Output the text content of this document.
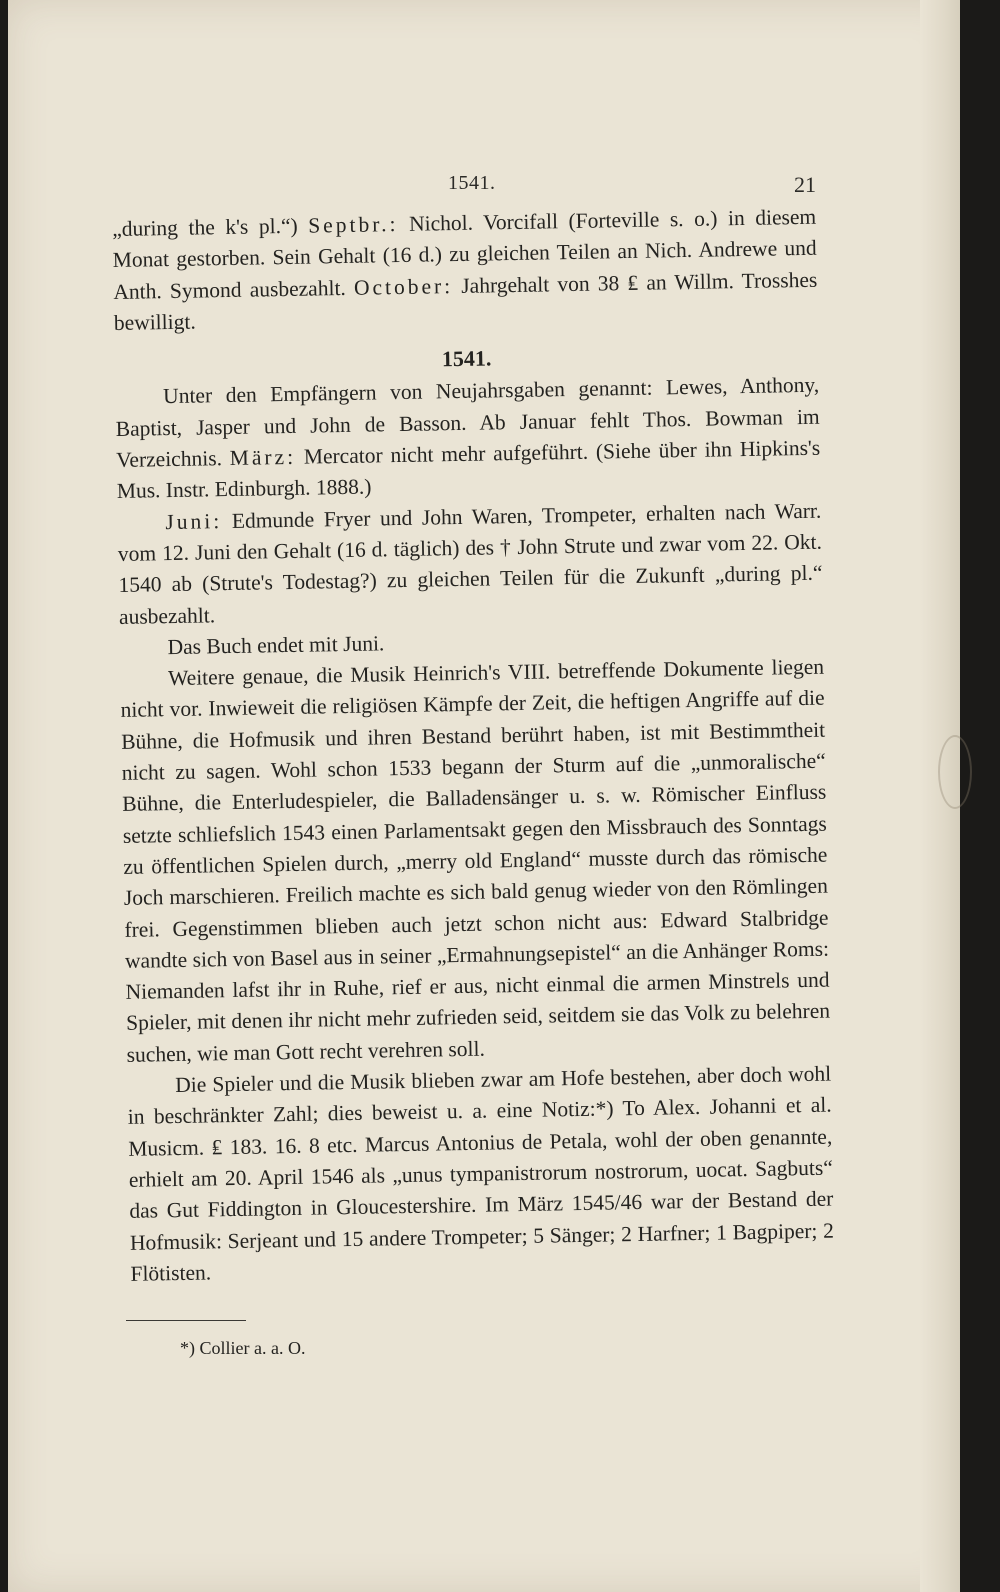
1541.	21

„during the k's pl.“) Septbr.: Nichol. Vorcifall (Forteville s. o.) in diesem Monat gestorben. Sein Gehalt (16 d.) zu gleichen Teilen an Nich. Andrewe und Anth. Symond ausbezahlt. October: Jahrgehalt von 38 ₤ an Willm. Trosshes bewilligt.

1541.

Unter den Empfängern von Neujahrsgaben genannt: Lewes, Anthony, Baptist, Jasper und John de Basson. Ab Januar fehlt Thos. Bowman im Verzeichnis. März: Mercator nicht mehr aufgeführt. (Siehe über ihn Hipkins's Mus. Instr. Edinburgh. 1888.)

Juni: Edmunde Fryer und John Waren, Trompeter, erhalten nach Warr. vom 12. Juni den Gehalt (16 d. täglich) des † John Strute und zwar vom 22. Okt. 1540 ab (Strute's Todestag?) zu gleichen Teilen für die Zukunft „during pl.“ ausbezahlt.

Das Buch endet mit Juni.

Weitere genaue, die Musik Heinrich's VIII. betreffende Dokumente liegen nicht vor. Inwieweit die religiösen Kämpfe der Zeit, die heftigen Angriffe auf die Bühne, die Hofmusik und ihren Bestand berührt haben, ist mit Bestimmtheit nicht zu sagen. Wohl schon 1533 begann der Sturm auf die „unmoralische“ Bühne, die Enterludespieler, die Balladensänger u. s. w. Römischer Einfluss setzte schliefslich 1543 einen Parlamentsakt gegen den Missbrauch des Sonntags zu öffentlichen Spielen durch, „merry old England“ musste durch das römische Joch marschieren. Freilich machte es sich bald genug wieder von den Römlingen frei. Gegenstimmen blieben auch jetzt schon nicht aus: Edward Stalbridge wandte sich von Basel aus in seiner „Ermahnungsepistel“ an die Anhänger Roms: Niemanden lafst ihr in Ruhe, rief er aus, nicht einmal die armen Minstrels und Spieler, mit denen ihr nicht mehr zufrieden seid, seitdem sie das Volk zu belehren suchen, wie man Gott recht verehren soll.

Die Spieler und die Musik blieben zwar am Hofe bestehen, aber doch wohl in beschränkter Zahl; dies beweist u. a. eine Notiz:*) To Alex. Johanni et al. Musicm. ₤ 183. 16. 8 etc. Marcus Antonius de Petala, wohl der oben genannte, erhielt am 20. April 1546 als „unus tympanistrorum nostrorum, uocat. Sagbuts“ das Gut Fiddington in Gloucestershire. Im März 1545/46 war der Bestand der Hofmusik: Serjeant und 15 andere Trompeter; 5 Sänger; 2 Harfner; 1 Bagpiper; 2 Flötisten.

*) Collier a. a. O.
